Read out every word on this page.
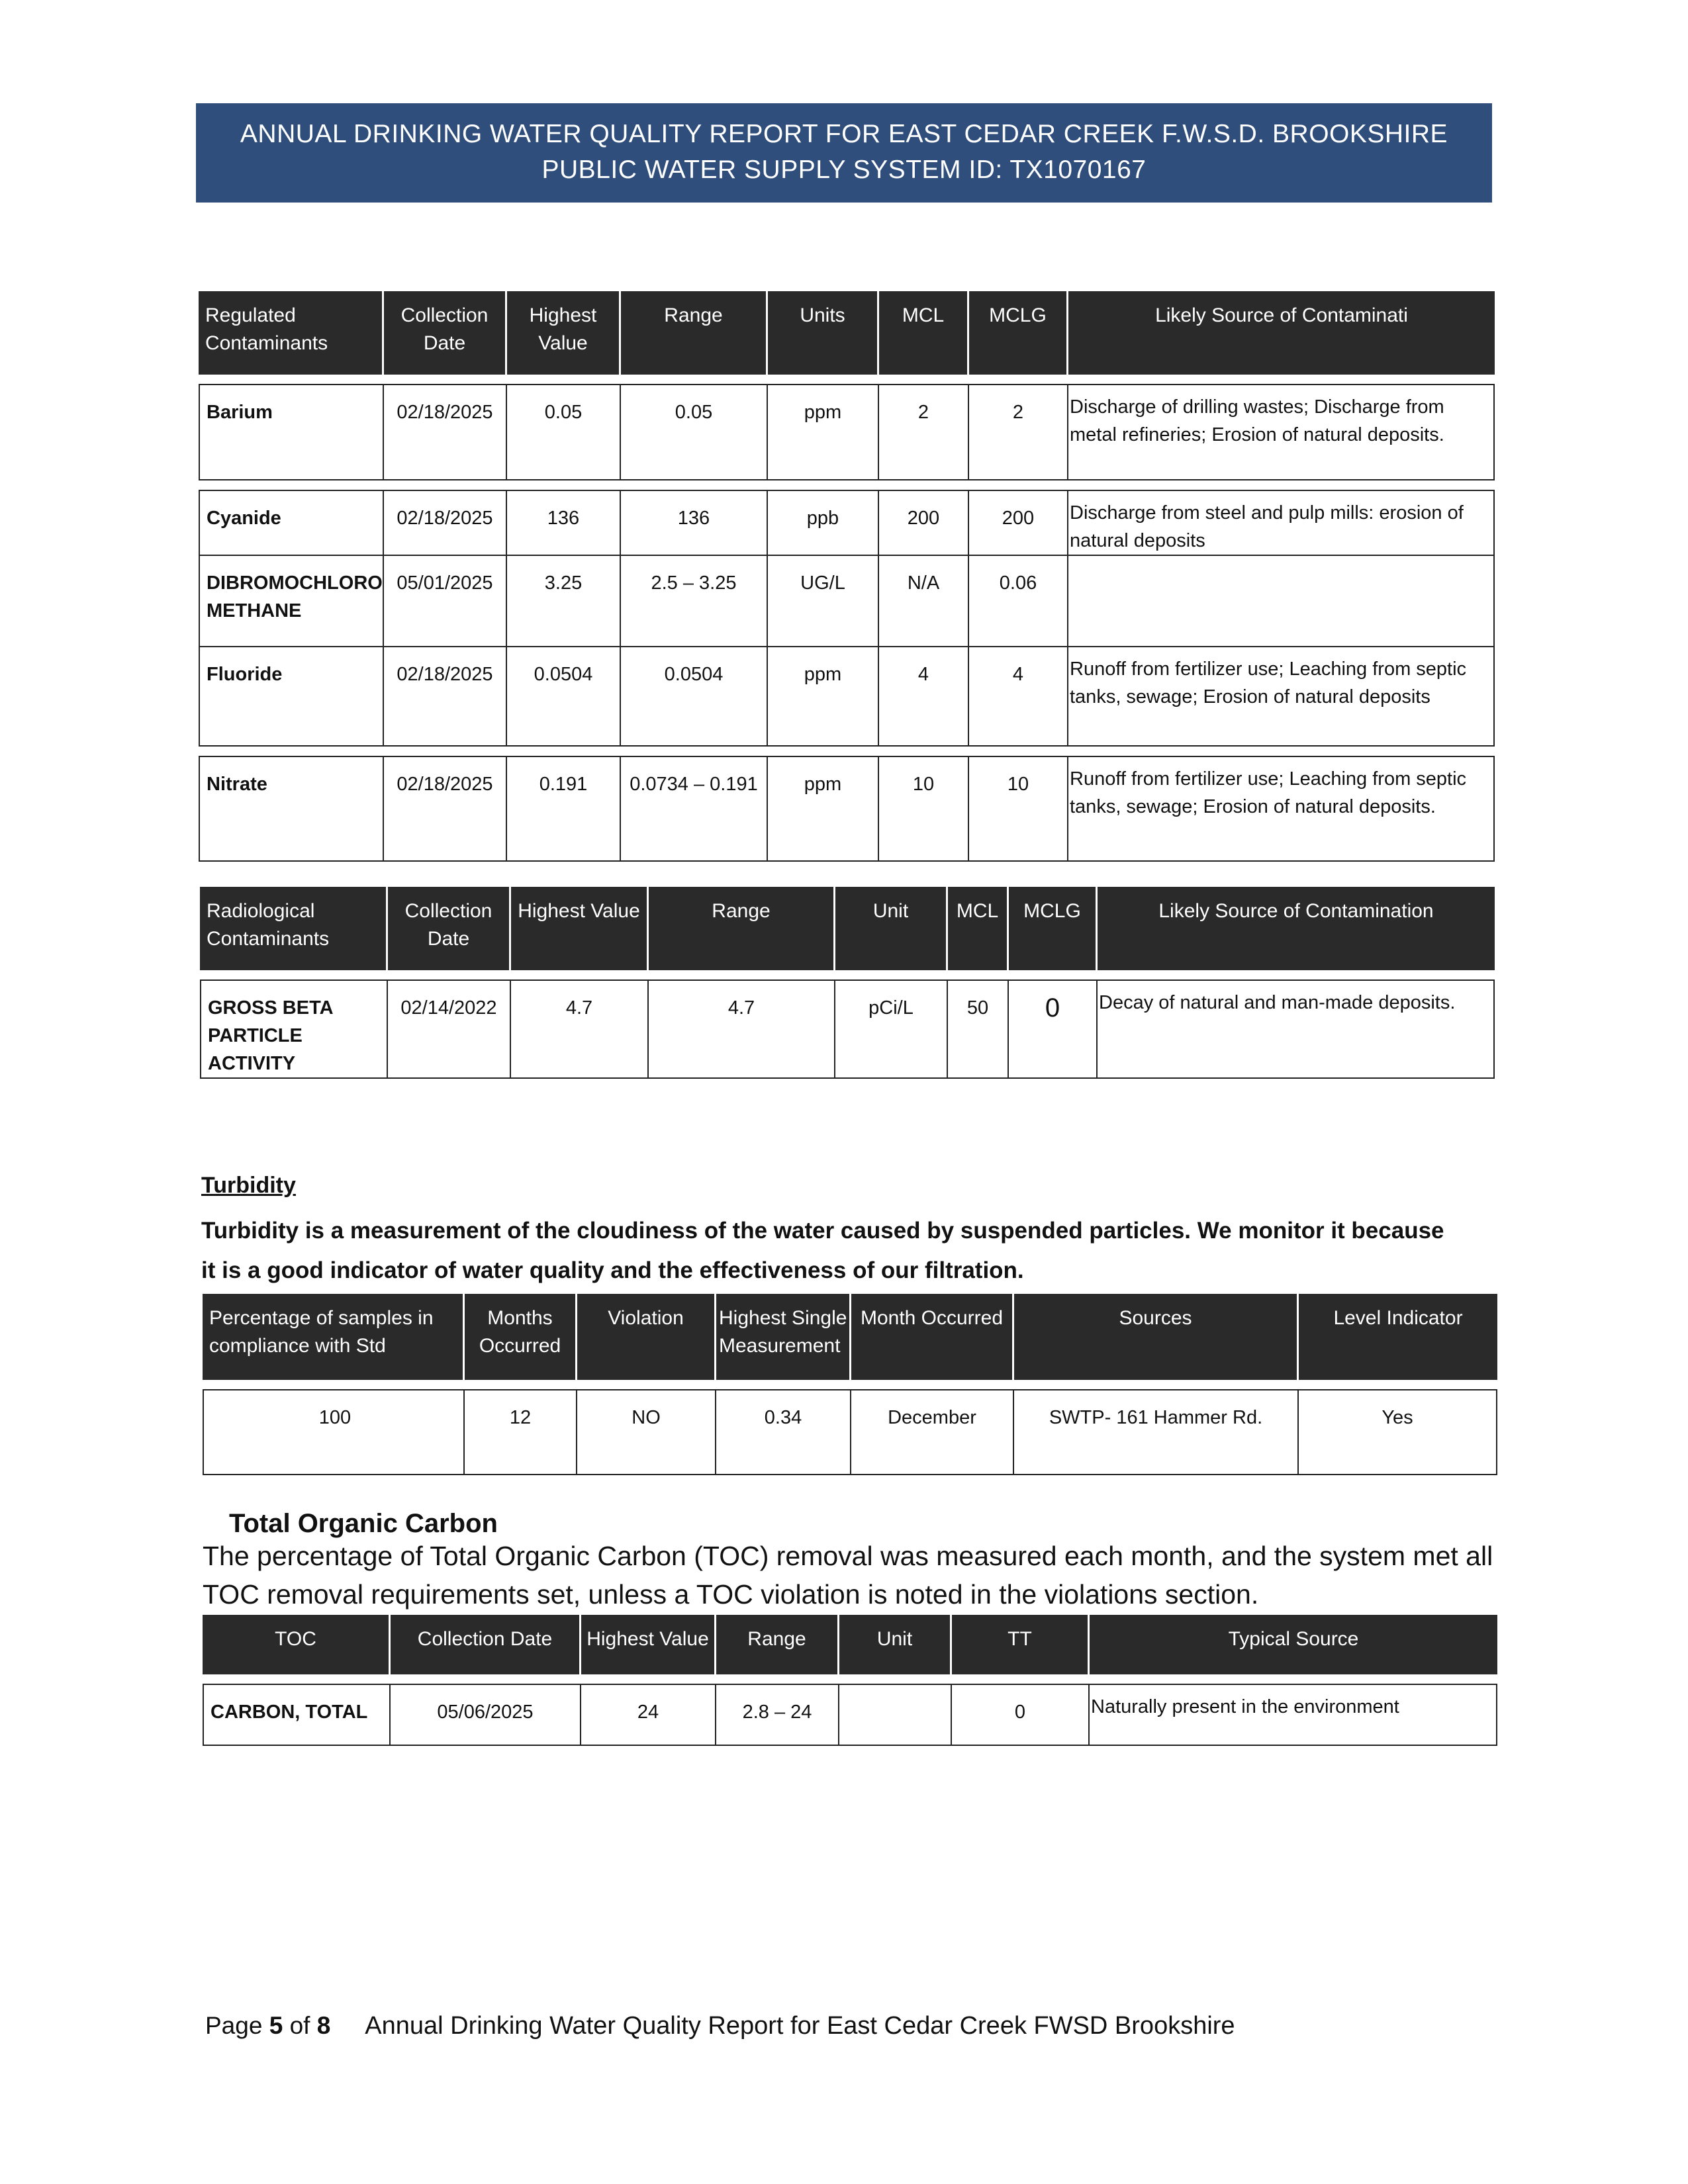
ANNUAL DRINKING WATER QUALITY REPORT FOR EAST CEDAR CREEK F.W.S.D. BROOKSHIRE
PUBLIC WATER SUPPLY SYSTEM ID: TX1070167
Regulated Contaminants	Collection Date	Highest Value	Range	Units	MCL	MCLG	Likely Source of Contaminati

Barium	02/18/2025	0.05	0.05	ppm	2	2	Discharge of drilling wastes; Discharge from metal refineries; Erosion of natural deposits.

Cyanide	02/18/2025	136	136	ppb	200	200	Discharge from steel and pulp mills: erosion of natural deposits
DIBROMOCHLORO METHANE	05/01/2025	3.25	2.5 – 3.25	UG/L	N/A	0.06	
Fluoride	02/18/2025	0.0504	0.0504	ppm	4	4	Runoff from fertilizer use; Leaching from septic tanks, sewage; Erosion of natural deposits

Nitrate	02/18/2025	0.191	0.0734 – 0.191	ppm	10	10	Runoff from fertilizer use; Leaching from septic tanks, sewage; Erosion of natural deposits.
Radiological Contaminants	Collection Date	Highest Value	Range	Unit	MCL	MCLG	Likely Source of Contamination

GROSS BETA PARTICLE ACTIVITY	02/14/2022	4.7	4.7	pCi/L	50	0	Decay of natural and man-made deposits.
Turbidity
Turbidity is a measurement of the cloudiness of the water caused by suspended particles. We monitor it because it is a good indicator of water quality and the effectiveness of our filtration.
Percentage of samples in compliance with Std	Months Occurred	Violation	Highest Single Measurement	Month Occurred	Sources	Level Indicator

100	12	NO	0.34	December	SWTP- 161 Hammer Rd.	Yes
Total Organic Carbon
The percentage of Total Organic Carbon (TOC) removal was measured each month, and the system met all TOC removal requirements set, unless a TOC violation is noted in the violations section.
TOC	Collection Date	Highest Value	Range	Unit	TT	Typical Source

CARBON, TOTAL	05/06/2025	24	2.8 – 24		0	Naturally present in the environment
Page 5 of 8 Annual Drinking Water Quality Report for East Cedar Creek FWSD Brookshire
